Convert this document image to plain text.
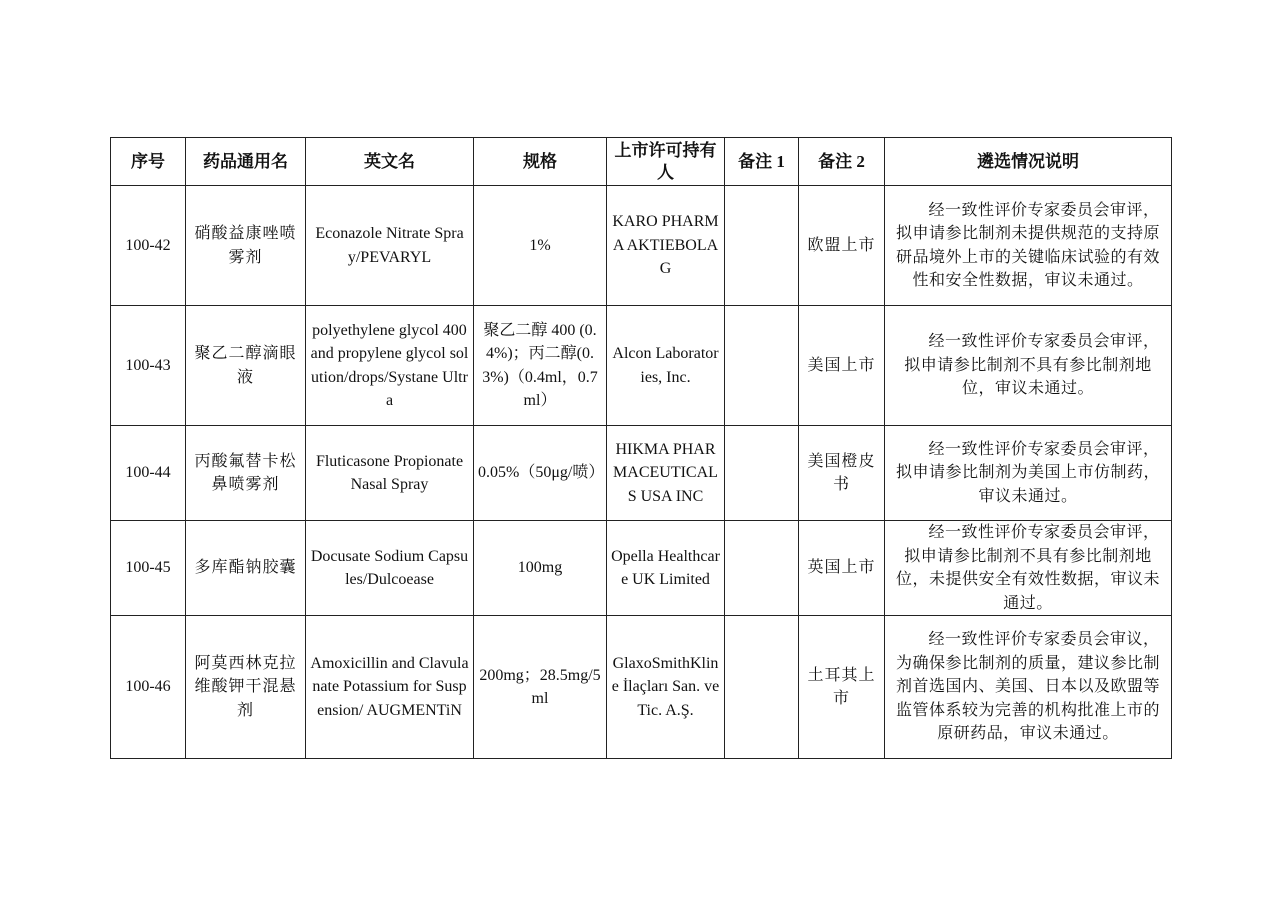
序号	药品通用名	英文名	规格	上市许可持有人	备注 1	备注 2	遴选情况说明
100-42	硝酸益康唑喷雾剂	Econazole Nitrate Spray/PEVARYL	1%	KARO PHARMA AKTIEBOLAG		欧盟上市	经一致性评价专家委员会审评，拟申请参比制剂未提供规范的支持原研品境外上市的关键临床试验的有效性和安全性数据，审议未通过。

100-43	聚乙二醇滴眼液	polyethylene glycol 400 and propylene glycol solution/drops/Systane Ultra	聚乙二醇 400 (0.4%)；丙二醇(0.3%)（0.4ml，0.7ml）	Alcon Laboratories, Inc.		美国上市	经一致性评价专家委员会审评，拟申请参比制剂不具有参比制剂地位，审议未通过。

100-44	丙酸氟替卡松鼻喷雾剂	Fluticasone Propionate Nasal Spray	0.05%（50μg/喷）	HIKMA PHARMACEUTICALS USA INC		美国橙皮书	经一致性评价专家委员会审评，拟申请参比制剂为美国上市仿制药，审议未通过。

100-45	多库酯钠胶囊	Docusate Sodium Capsules/Dulcoease	100mg	Opella Healthcare UK Limited		英国上市	经一致性评价专家委员会审评，拟申请参比制剂不具有参比制剂地位，未提供安全有效性数据，审议未通过。

100-46	阿莫西林克拉维酸钾干混悬剂	Amoxicillin and Clavulanate Potassium for Suspension/ AUGMENTiN	200mg；28.5mg/5ml	GlaxoSmithKline İlaçları San. ve Tic. A.Ş.		土耳其上市	经一致性评价专家委员会审议，为确保参比制剂的质量，建议参比制剂首选国内、美国、日本以及欧盟等监管体系较为完善的机构批准上市的原研药品，审议未通过。
